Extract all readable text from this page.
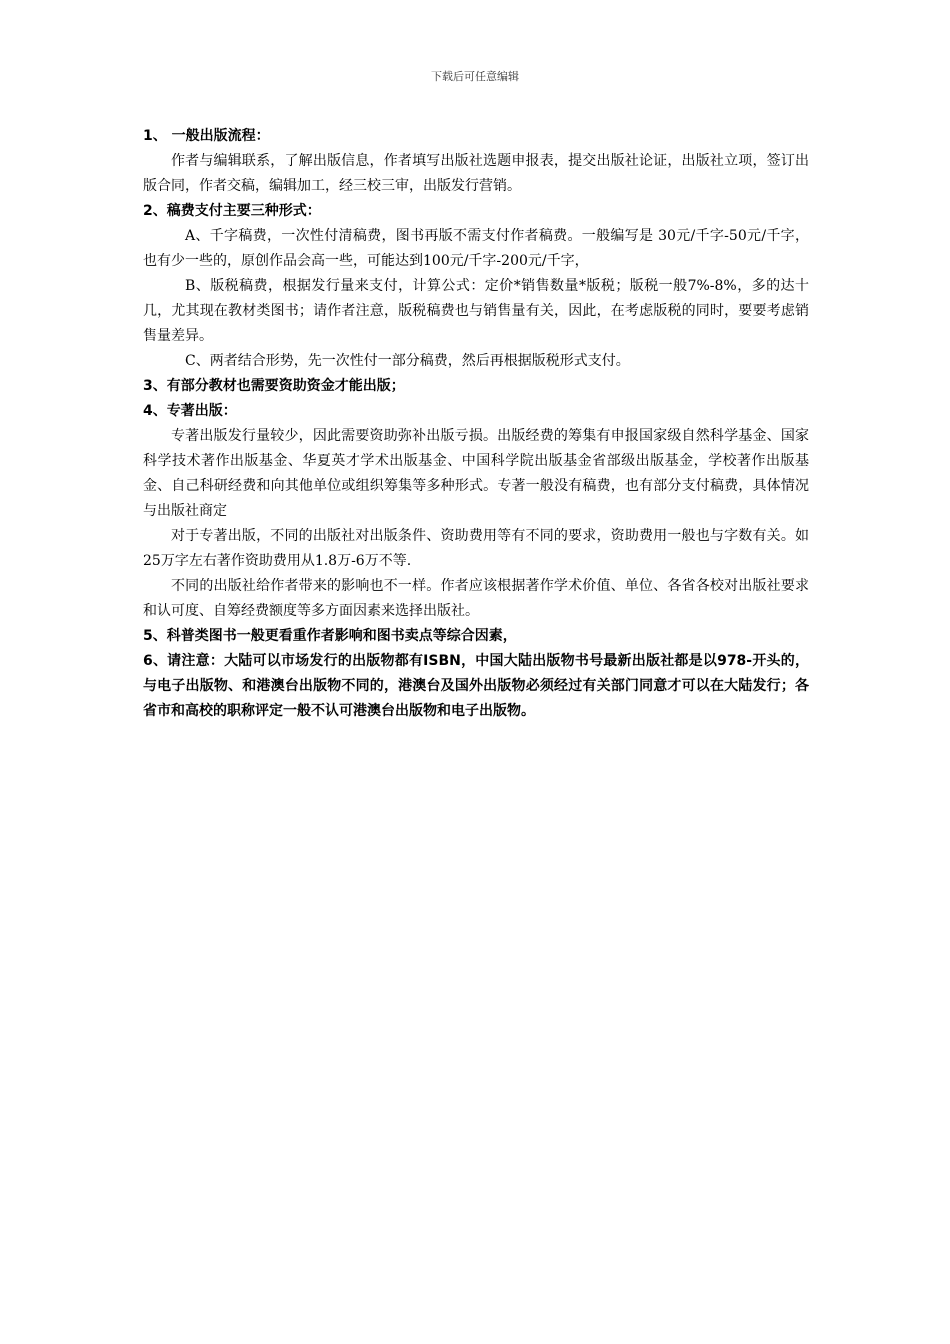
下载后可任意编辑

1、 一般出版流程：

作者与编辑联系，了解出版信息，作者填写出版社选题申报表，提交出版社论证，出版社立项，签订出版合同，作者交稿，编辑加工，经三校三审，出版发行营销。

2、稿费支付主要三种形式：

A、千字稿费，一次性付清稿费，图书再版不需支付作者稿费。一般编写是 30元/千字-50元/千字，也有少一些的，原创作品会高一些，可能达到100元/千字-200元/千字，

B、版税稿费，根据发行量来支付，计算公式：定价*销售数量*版税；版税一般7%-8%，多的达十几，尤其现在教材类图书；请作者注意，版税稿费也与销售量有关，因此，在考虑版税的同时，要要考虑销售量差异。

C、两者结合形势，先一次性付一部分稿费，然后再根据版税形式支付。

3、有部分教材也需要资助资金才能出版；

4、专著出版：

专著出版发行量较少，因此需要资助弥补出版亏损。出版经费的筹集有申报国家级自然科学基金、国家科学技术著作出版基金、华夏英才学术出版基金、中国科学院出版基金省部级出版基金，学校著作出版基金、自己科研经费和向其他单位或组织筹集等多种形式。专著一般没有稿费，也有部分支付稿费，具体情况与出版社商定

对于专著出版，不同的出版社对出版条件、资助费用等有不同的要求，资助费用一般也与字数有关。如25万字左右著作资助费用从1.8万-6万不等.

不同的出版社给作者带来的影响也不一样。作者应该根据著作学术价值、单位、各省各校对出版社要求和认可度、自筹经费额度等多方面因素来选择出版社。

5、科普类图书一般更看重作者影响和图书卖点等综合因素，

6、请注意：大陆可以市场发行的出版物都有ISBN，中国大陆出版物书号最新出版社都是以978-开头的，与电子出版物、和港澳台出版物不同的，港澳台及国外出版物必须经过有关部门同意才可以在大陆发行；各省市和高校的职称评定一般不认可港澳台出版物和电子出版物。
